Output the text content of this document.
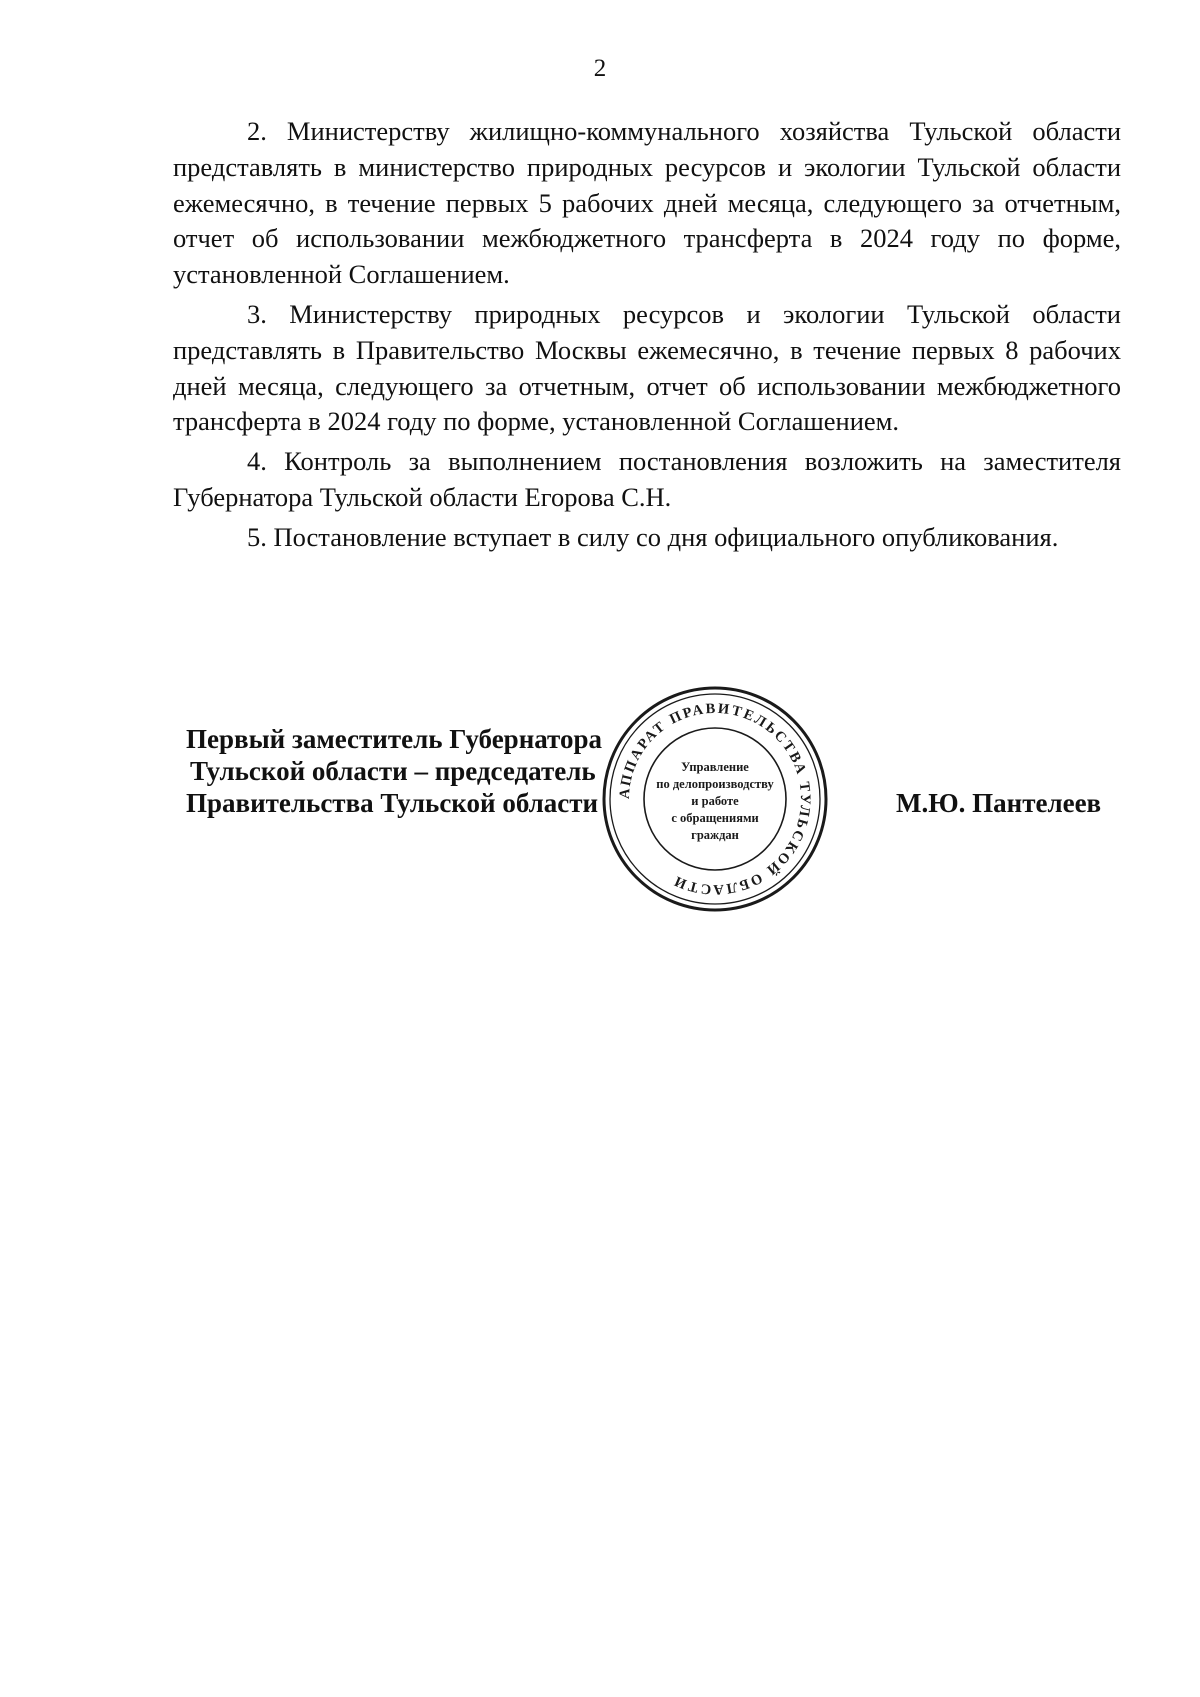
2

2. Министерству жилищно-коммунального хозяйства Тульской области представлять в министерство природных ресурсов и экологии Тульской области ежемесячно, в течение первых 5 рабочих дней месяца, следующего за отчетным, отчет об использовании межбюджетного трансферта в 2024 году по форме, установленной Соглашением.

3. Министерству природных ресурсов и экологии Тульской области представлять в Правительство Москвы ежемесячно, в течение первых 8 рабочих дней месяца, следующего за отчетным, отчет об использовании межбюджетного трансферта в 2024 году по форме, установленной Соглашением.

4. Контроль за выполнением постановления возложить на заместителя Губернатора Тульской области Егорова С.Н.

5. Постановление вступает в силу со дня официального опубликования.

АППАРАТ ПРАВИТЕЛЬСТВА ТУЛЬСКОЙ ОБЛАСТИ
Управление
по делопроизводству
и работе
с обращениями
граждан
Первый заместитель Губернатора
Тульской области – председатель
Правительства Тульской области	М.Ю. Пантелеев
